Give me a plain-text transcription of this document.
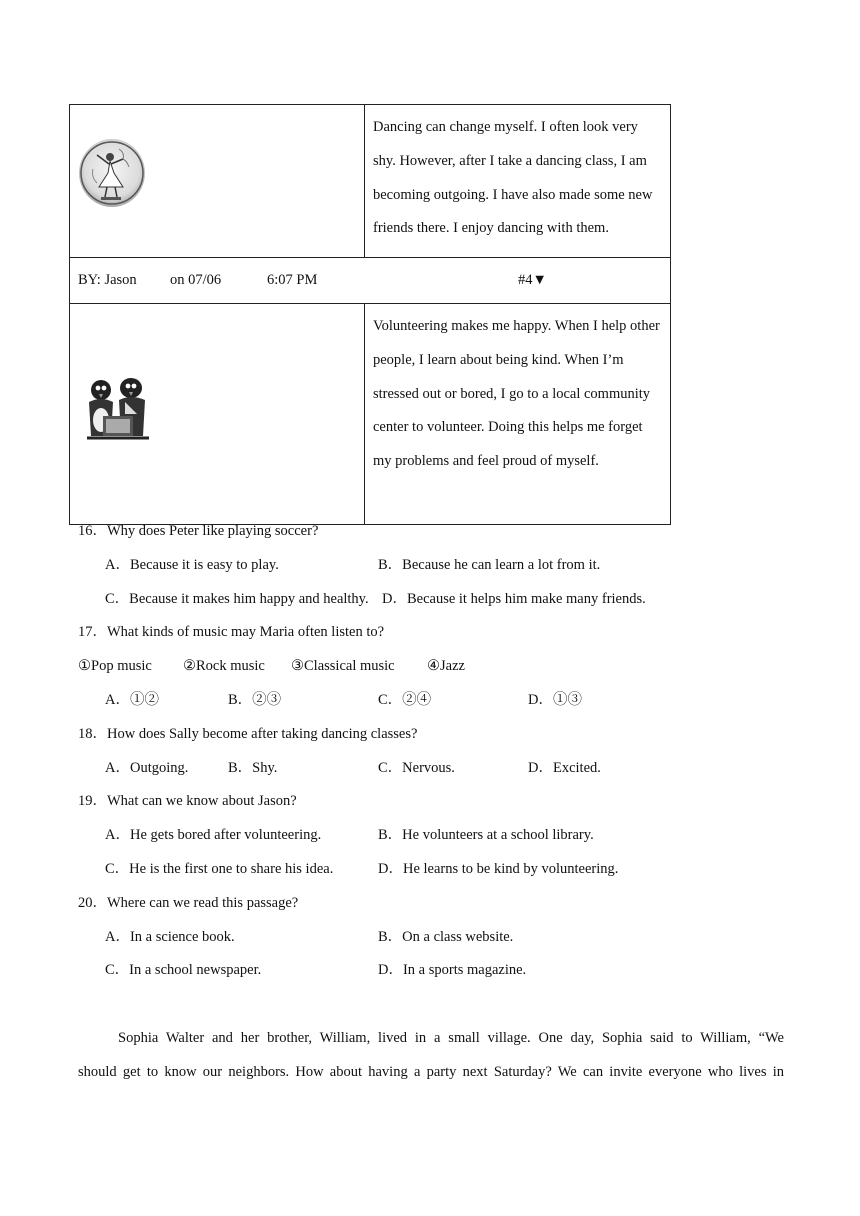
	Dancing can change myself. I often look very shy. However, after I take a dancing class, I am becoming outgoing. I have also made some new friends there. I enjoy dancing with them.

BY: Jason on 07/06 6:07 PM #4▼	

	Volunteering makes me happy. When I help other people, I learn about being kind. When I’m stressed out or bored, I go to a local community center to volunteer. Doing this helps me forget my problems and feel proud of myself.
16．Why does Peter like playing soccer?
A．Because it is easy to play.	B．Because he can learn a lot from it.
C．Because it makes him happy and healthy. D．Because it helps him make many friends.
17．What kinds of music may Maria often listen to?
①Pop music ②Rock music ③Classical music ④Jazz
A．①②	B．②③	C．②④	D．①③
18．How does Sally become after taking dancing classes?
A．Outgoing.	B．Shy.	C．Nervous.	D．Excited.
19．What can we know about Jason?
A．He gets bored after volunteering.	B．He volunteers at a school library.
C．He is the first one to share his idea.	D．He learns to be kind by volunteering.
20．Where can we read this passage?
A．In a science book.	B．On a class website.
C．In a school newspaper.	D．In a sports magazine.
Sophia Walter and her brother, William, lived in a small village. One day, Sophia said to William, “We
should get to know our neighbors. How about having a party next Saturday? We can invite everyone who lives in
